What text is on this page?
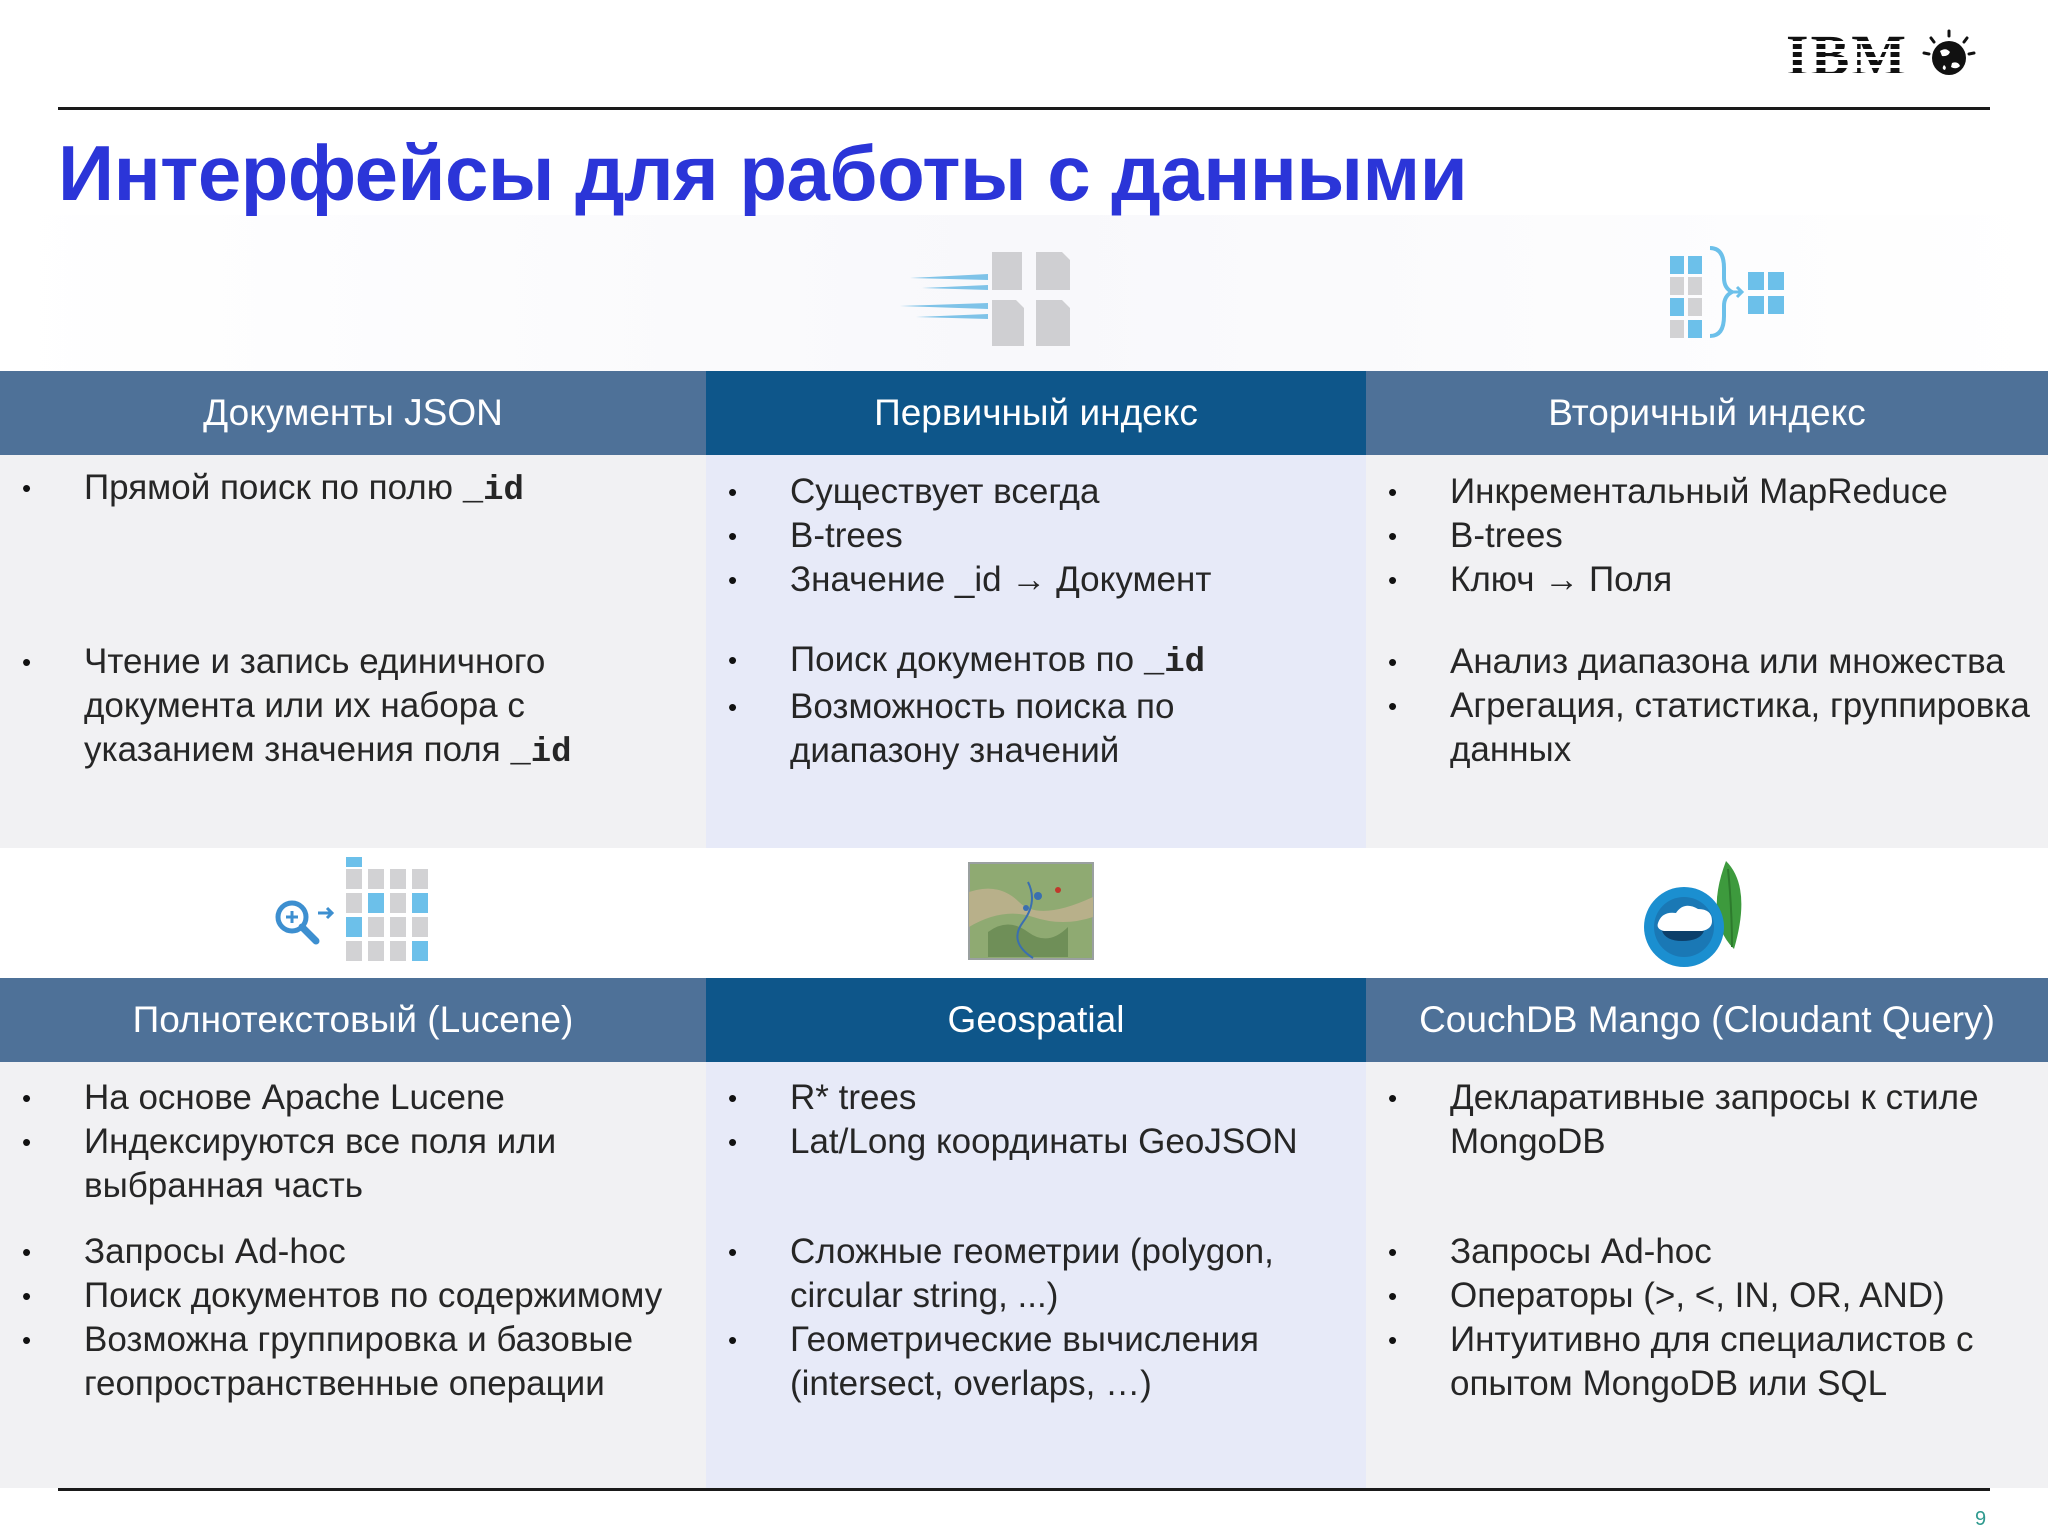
IBM
Интерфейсы для работы с данными
Документы JSON	Первичный индекс	Вторичный индекс
Полнотекстовый (Lucene)	Geospatial	CouchDB Mango (Cloudant Query)
• Прямой поиск по полю _id
• Чтение и запись единичного документа или их набора с указанием значения поля _id
• Существует всегда
• B-trees
• Значение _id → Документ
• Поиск документов по _id
• Возможность поиска по диапазону значений
• Инкрементальный MapReduce
• B-trees
• Ключ → Поля
• Анализ диапазона или множества
• Агрегация, статистика, группировка данных
• На основе Apache Lucene
• Индексируются все поля или выбранная часть
• Запросы Ad-hoc
• Поиск документов по содержимому
• Возможна группировка и базовые геопространственные операции
• R* trees
• Lat/Long координаты GeoJSON
• Сложные геометрии (polygon, circular string, ...)
• Геометрические вычисления (intersect, overlaps, …)
• Декларативные запросы к стиле MongoDB
• Запросы Ad-hoc
• Операторы (>, <, IN, OR, AND)
• Интуитивно для специалистов с опытом MongoDB или SQL
9
